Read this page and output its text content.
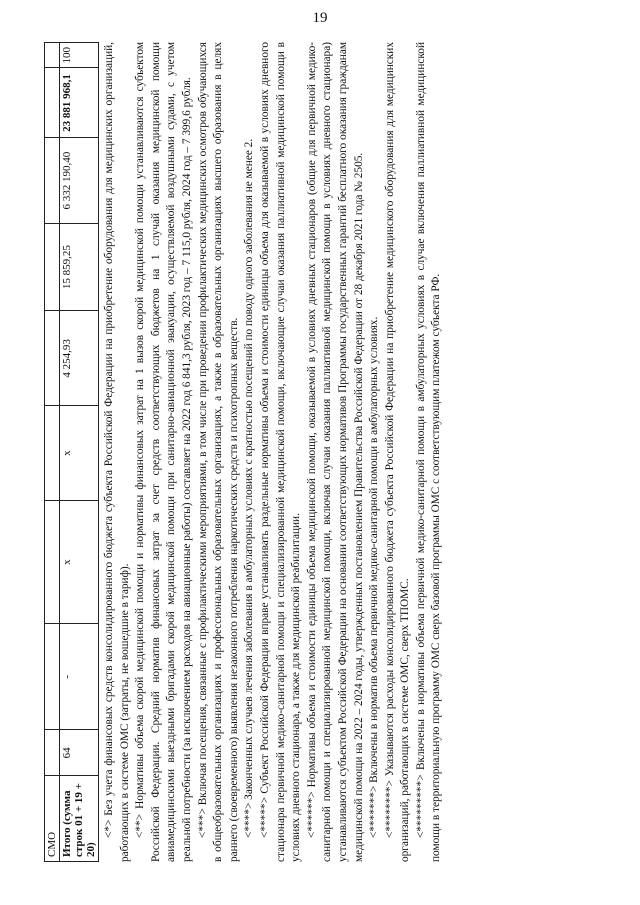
19
СМО									
Итого (сумма строк 01 + 19 + 20)	64	-	х	х	4 254,93	15 859,25	6 332 190,40	23 881 968,1	100	<*> Без учета финансовых средств консолидированного бюджета субъекта Российской Федерации на приобретение оборудования для медицинских организаций, работающих в системе ОМС (затраты, не вошедшие в тариф). <**> Нормативы объема скорой медицинской помощи и нормативы финансовых затрат на 1 вызов скорой медицинской помощи устанавливаются субъектом Российской Федерации. Средний норматив финансовых затрат за счет средств соответствующих бюджетов на 1 случай оказания медицинской помощи авиамедицинскими выездными бригадами скорой медицинской помощи при санитарно-авиационной эвакуации, осуществляемой воздушными судами, с учетом реальной потребности (за исключением расходов на авиационные работы) составляет на 2022 год 6 841,3 рубля, 2023 год – 7 115,0 рубля, 2024 год – 7 399,6 рубля. <***> Включая посещения, связанные с профилактическими мероприятиями, в том числе при проведении профилактических медицинских осмотров обучающихся в общеобразовательных организациях и профессиональных образовательных организациях, а также в образовательных организациях высшего образования в целях раннего (своевременного) выявления незаконного потребления наркотических средств и психотропных веществ. <****> Законченных случаев лечения заболевания в амбулаторных условиях с кратностью посещений по поводу одного заболевания не менее 2. <*****> Субъект Российской Федерации вправе устанавливать раздельные нормативы объема и стоимости единицы объема для оказываемой в условиях дневного стационара первичной медико-санитарной помощи и специализированной медицинской помощи, включающие случаи оказания паллиативной медицинской помощи в условиях дневного стационара, а также для медицинской реабилитации. <******> Нормативы объема и стоимости единицы объема медицинской помощи, оказываемой в условиях дневных стационаров (общие для первичной медико-санитарной помощи и специализированной медицинской помощи, включая случаи оказания паллиативной медицинской помощи в условиях дневного стационара) устанавливаются субъектом Российской Федерации на основании соответствующих нормативов Программы государственных гарантий бесплатного оказания гражданам медицинской помощи на 2022 – 2024 годы, утвержденных постановлением Правительства Российской Федерации от 28 декабря 2021 года № 2505. <*******> Включены в норматив объема первичной медико-санитарной помощи в амбулаторных условиях. <********> Указываются расходы консолидированного бюджета субъекта Российской Федерации на приобретение медицинского оборудования для медицинских организаций, работающих в системе ОМС, сверх ТПОМС. <*********> Включены в нормативы объема первичной медико-санитарной помощи в амбулаторных условиях в случае включения паллиативной медицинской помощи в территориальную программу ОМС сверх базовой программы ОМС с соответствующим платежом субъекта РФ.
